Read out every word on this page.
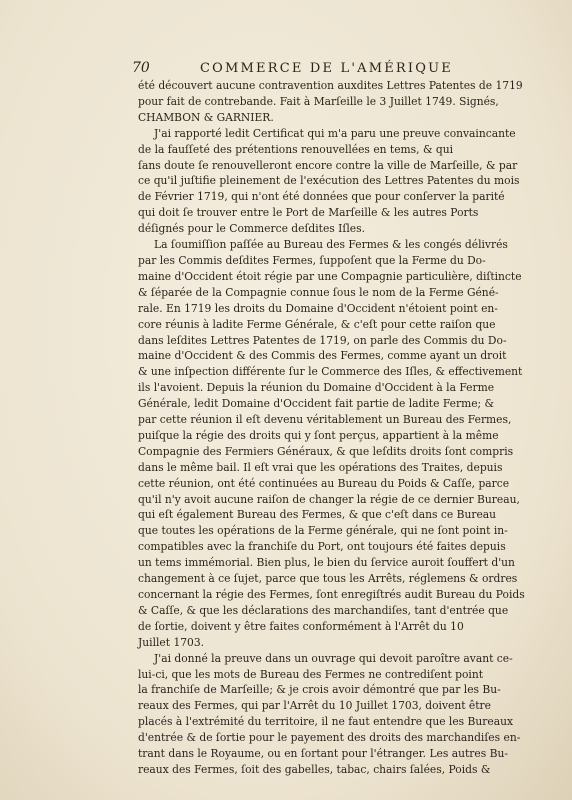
70	COMMERCE DE L'AMÉRIQUE
été découvert aucune contravention auxdites Lettres Patentes de 1719
pour fait de contrebande. Fait à Marſeille le 3 Juillet 1749. Signés,
CHAMBON & GARNIER.
J'ai rapporté ledit Certificat qui m'a paru une preuve convaincante
de la fauſſeté des prétentions renouvellées en tems, & qui
ſans doute ſe renouvelleront encore contre la ville de Marſeille, & par
ce qu'il juſtifie pleinement de l'exécution des Lettres Patentes du mois
de Février 1719, qui n'ont été données que pour conſerver la parité
qui doit ſe trouver entre le Port de Marſeille & les autres Ports
déſignés pour le Commerce deſdites Iſles.
La ſoumiſſion paſſée au Bureau des Fermes & les congés délivrés
par les Commis deſdites Fermes, ſuppoſent que la Ferme du Do-
maine d'Occident étoit régie par une Compagnie particulière, diſtincte
& ſéparée de la Compagnie connue ſous le nom de la Ferme Géné-
rale. En 1719 les droits du Domaine d'Occident n'étoient point en-
core réunis à ladite Ferme Générale, & c'eſt pour cette raiſon que
dans leſdites Lettres Patentes de 1719, on parle des Commis du Do-
maine d'Occident & des Commis des Fermes, comme ayant un droit
& une inſpection différente ſur le Commerce des Iſles, & effectivement
ils l'avoient. Depuis la réunion du Domaine d'Occident à la Ferme
Générale, ledit Domaine d'Occident fait partie de ladite Ferme; &
par cette réunion il eſt devenu véritablement un Bureau des Fermes,
puiſque la régie des droits qui y ſont perçus, appartient à la même
Compagnie des Fermiers Généraux, & que leſdits droits ſont compris
dans le même bail. Il eſt vrai que les opérations des Traites, depuis
cette réunion, ont été continuées au Bureau du Poids & Caſſe, parce
qu'il n'y avoit aucune raiſon de changer la régie de ce dernier Bureau,
qui eſt également Bureau des Fermes, & que c'eſt dans ce Bureau
que toutes les opérations de la Ferme générale, qui ne ſont point in-
compatibles avec la franchiſe du Port, ont toujours été faites depuis
un tems immémorial. Bien plus, le bien du ſervice auroit ſouffert d'un
changement à ce ſujet, parce que tous les Arrêts, réglemens & ordres
concernant la régie des Fermes, ſont enregiſtrés audit Bureau du Poids
& Caſſe, & que les déclarations des marchandiſes, tant d'entrée que
de ſortie, doivent y être faites conformément à l'Arrêt du 10
Juillet 1703.
J'ai donné la preuve dans un ouvrage qui devoit paroître avant ce-
lui-ci, que les mots de Bureau des Fermes ne contrediſent point
la franchiſe de Marſeille; & je crois avoir démontré que par les Bu-
reaux des Fermes, qui par l'Arrêt du 10 Juillet 1703, doivent être
placés à l'extrémité du territoire, il ne faut entendre que les Bureaux
d'entrée & de ſortie pour le payement des droits des marchandiſes en-
trant dans le Royaume, ou en ſortant pour l'étranger. Les autres Bu-
reaux des Fermes, ſoit des gabelles, tabac, chairs ſalées, Poids &
